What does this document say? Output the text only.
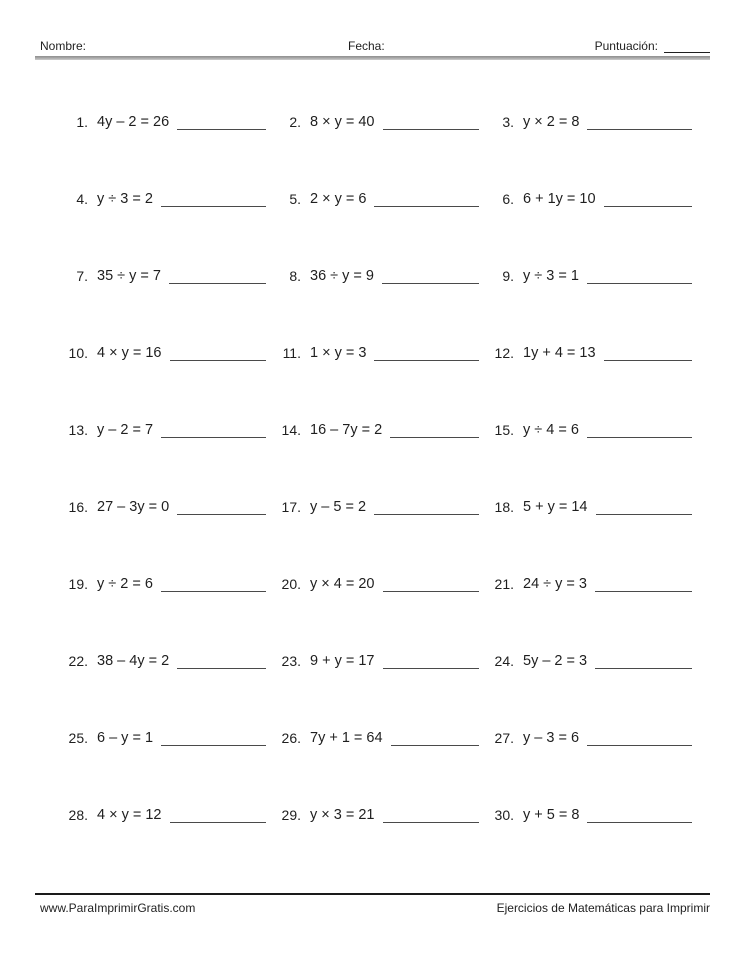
Nombre:	Fecha:	Puntuación:
1. 4y – 2 = 26	2. 8 × y = 40	3. y × 2 = 8
4. y ÷ 3 = 2	5. 2 × y = 6	6. 6 + 1y = 10
7. 35 ÷ y = 7	8. 36 ÷ y = 9	9. y ÷ 3 = 1
10. 4 × y = 16	11. 1 × y = 3	12. 1y + 4 = 13
13. y – 2 = 7	14. 16 – 7y = 2	15. y ÷ 4 = 6
16. 27 – 3y = 0	17. y – 5 = 2	18. 5 + y = 14
19. y ÷ 2 = 6	20. y × 4 = 20	21. 24 ÷ y = 3
22. 38 – 4y = 2	23. 9 + y = 17	24. 5y – 2 = 3
25. 6 – y = 1	26. 7y + 1 = 64	27. y – 3 = 6
28. 4 × y = 12	29. y × 3 = 21	30. y + 5 = 8
www.ParaImprimirGratis.com	Ejercicios de Matemáticas para Imprimir
